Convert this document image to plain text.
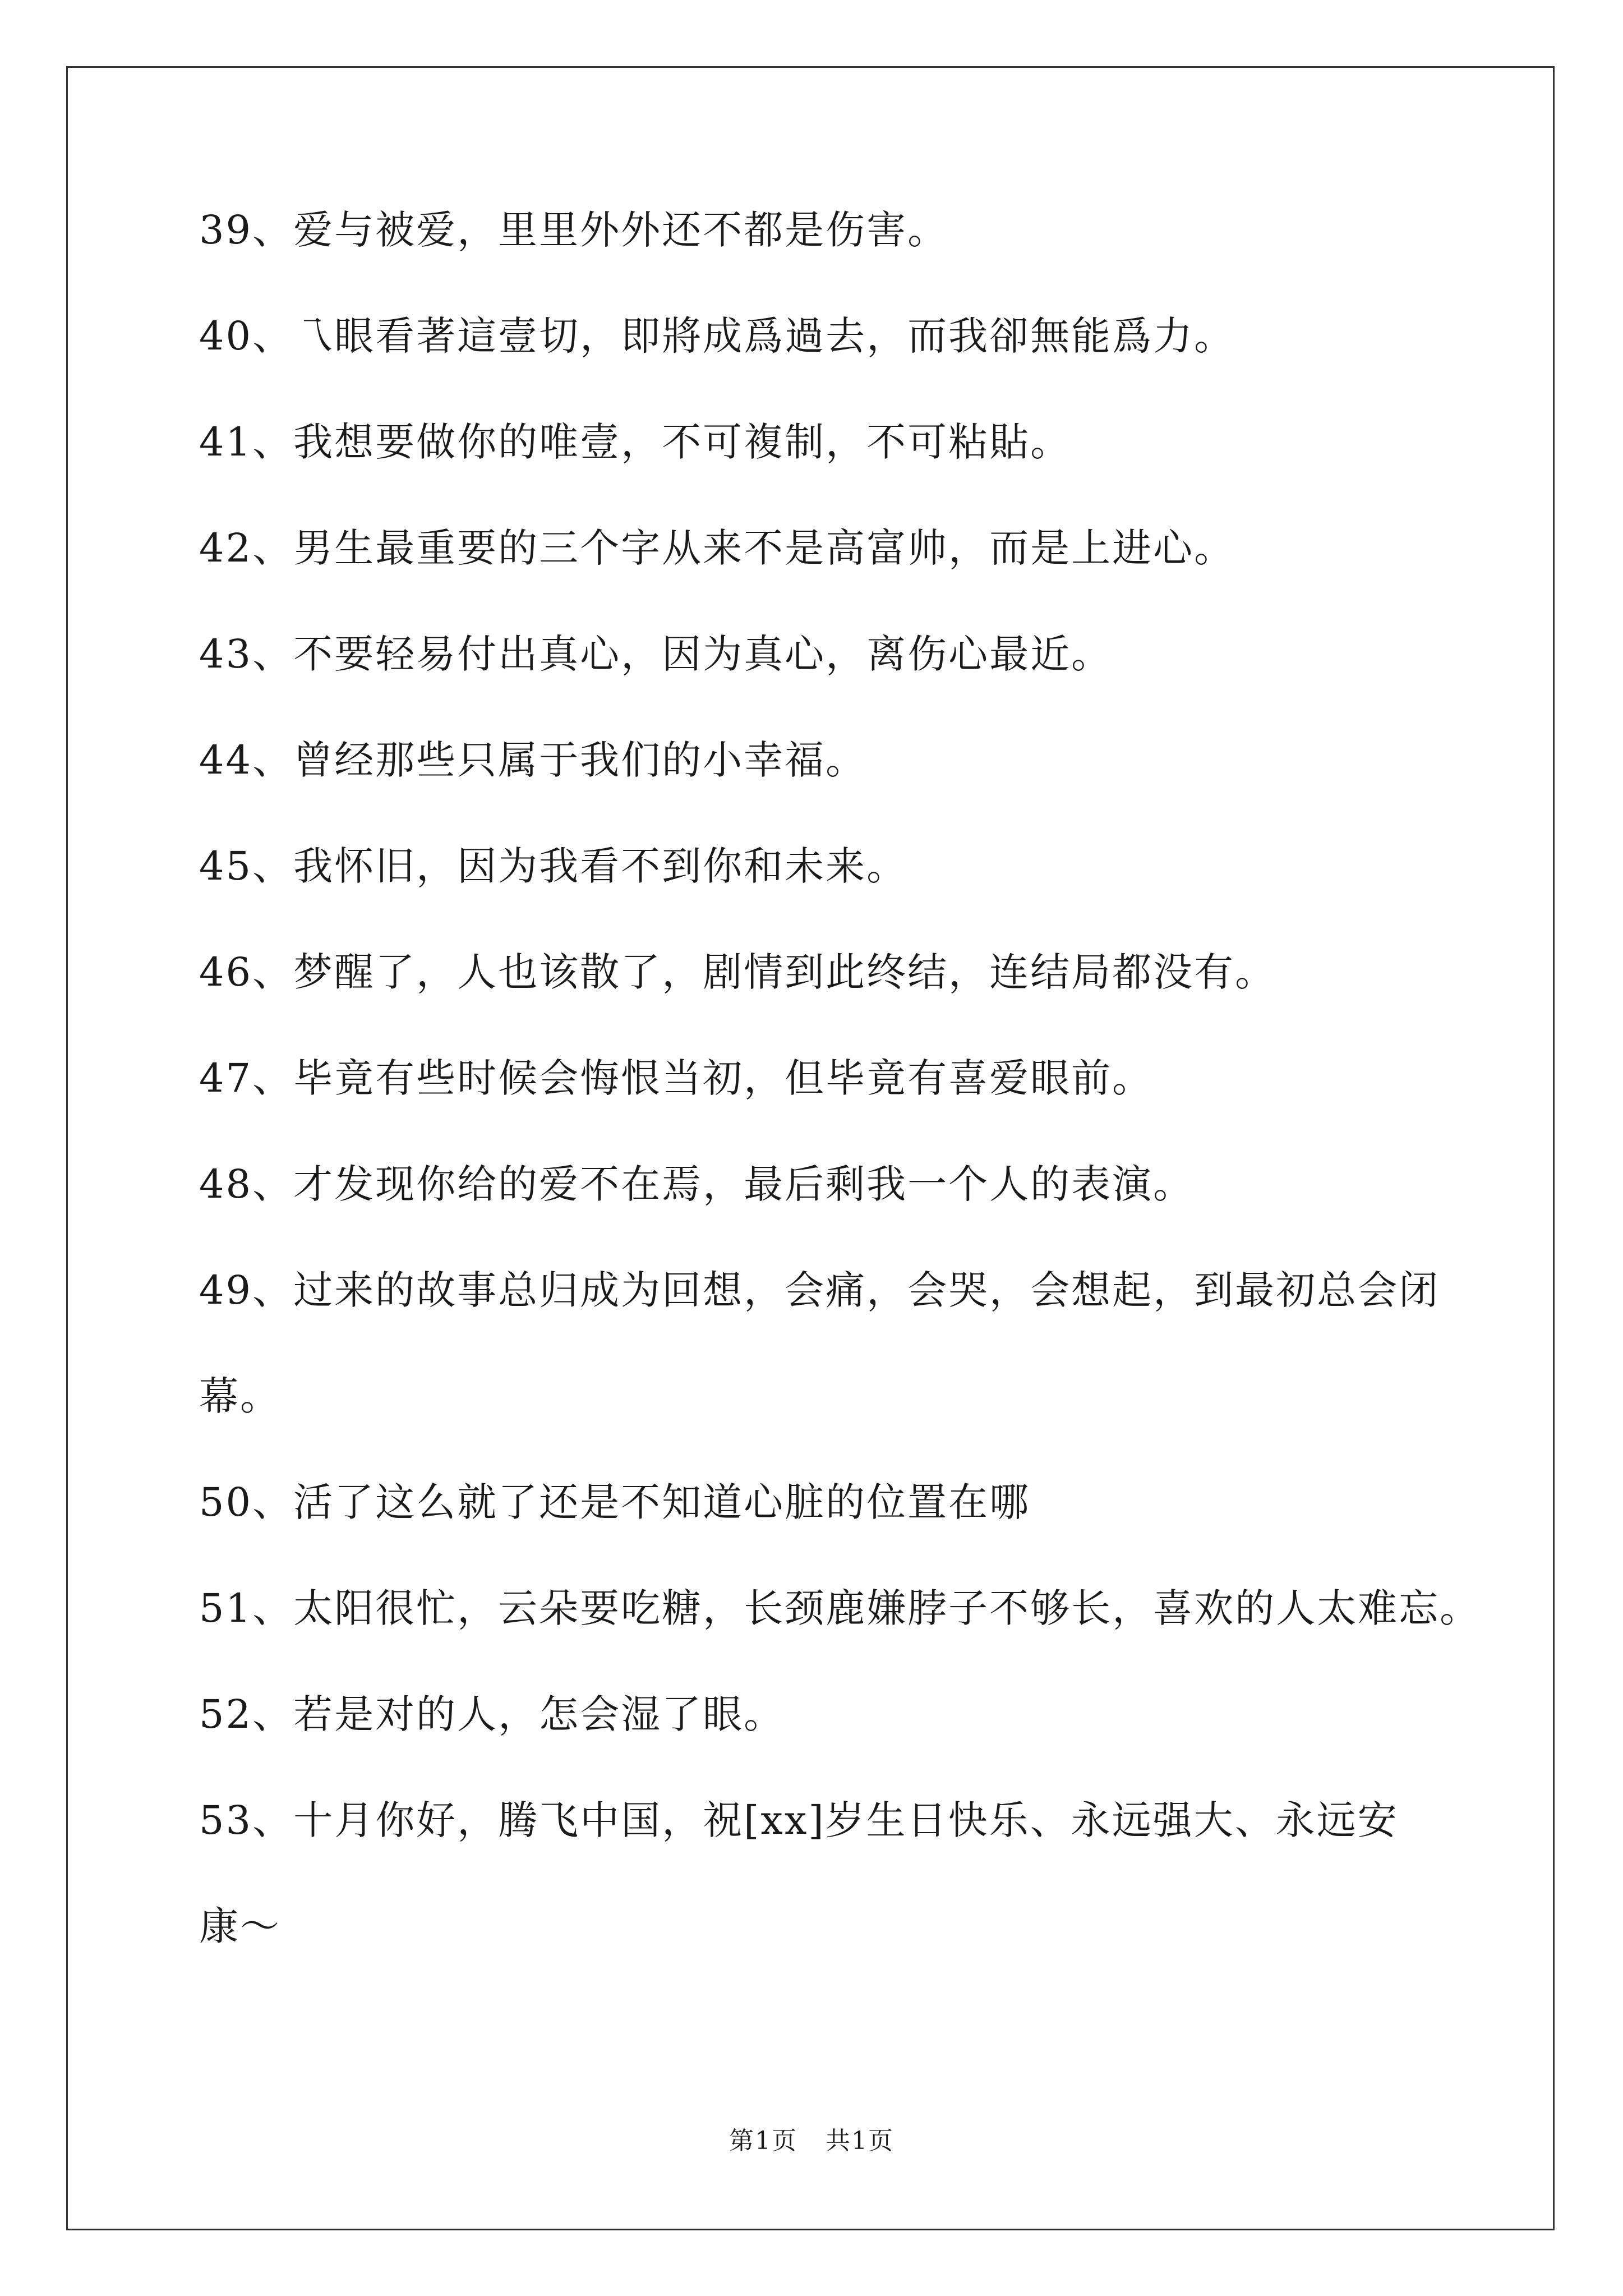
39、爱与被爱，里里外外还不都是伤害。
40、乁眼看著這壹切，即將成爲過去，而我卻無能爲力。
41、我想要做你的唯壹，不可複制，不可粘貼。
42、男生最重要的三个字从来不是高富帅，而是上进心。
43、不要轻易付出真心，因为真心，离伤心最近。
44、曾经那些只属于我们的小幸福。
45、我怀旧，因为我看不到你和未来。
46、梦醒了，人也该散了，剧情到此终结，连结局都没有。
47、毕竟有些时候会悔恨当初，但毕竟有喜爱眼前。
48、才发现你给的爱不在焉，最后剩我一个人的表演。
49、过来的故事总归成为回想，会痛，会哭，会想起，到最初总会闭
幕。
50、活了这么就了还是不知道心脏的位置在哪
51、太阳很忙，云朵要吃糖，长颈鹿嫌脖子不够长，喜欢的人太难忘。
52、若是对的人，怎会湿了眼。
53、十月你好，腾飞中国，祝[xx]岁生日快乐、永远强大、永远安
康～
第1页 共1页
